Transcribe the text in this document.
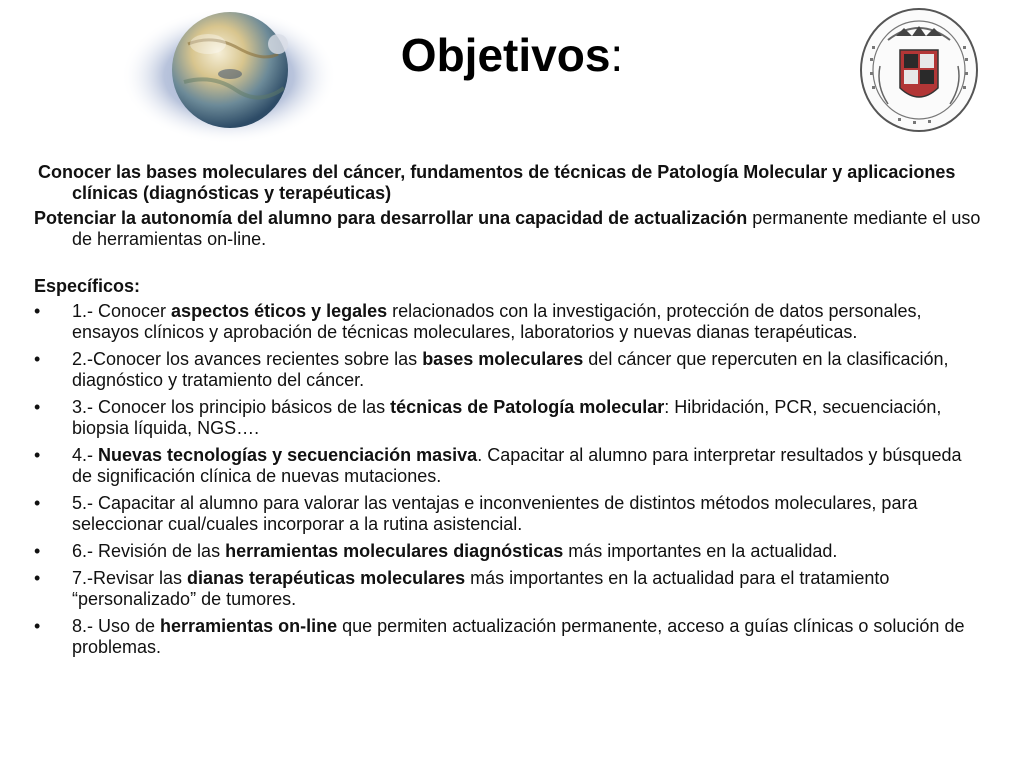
Objetivos:

Conocer las bases moleculares del cáncer, fundamentos de técnicas de Patología Molecular y aplicaciones clínicas (diagnósticas y terapéuticas)

Potenciar la autonomía del alumno para desarrollar una capacidad de actualización permanente mediante el uso de herramientas on-line.

Específicos:

• 1.- Conocer aspectos éticos y legales relacionados con la investigación, protección de datos personales, ensayos clínicos y aprobación de técnicas moleculares, laboratorios y nuevas dianas terapéuticas.
• 2.-Conocer los avances recientes sobre las bases moleculares del cáncer que repercuten en la clasificación, diagnóstico y tratamiento del cáncer.
• 3.- Conocer los principio básicos de las técnicas de Patología molecular: Hibridación, PCR, secuenciación, biopsia líquida, NGS….
• 4.- Nuevas tecnologías y secuenciación masiva. Capacitar al alumno para interpretar resultados y búsqueda de significación clínica de nuevas mutaciones.
• 5.- Capacitar al alumno para valorar las ventajas e inconvenientes de distintos métodos moleculares, para seleccionar cual/cuales incorporar a la rutina asistencial.
• 6.- Revisión de las herramientas moleculares diagnósticas más importantes en la actualidad.
• 7.-Revisar las dianas terapéuticas moleculares más importantes en la actualidad para el tratamiento “personalizado” de tumores.
• 8.- Uso de herramientas on-line que permiten actualización permanente, acceso a guías clínicas o solución de problemas.
